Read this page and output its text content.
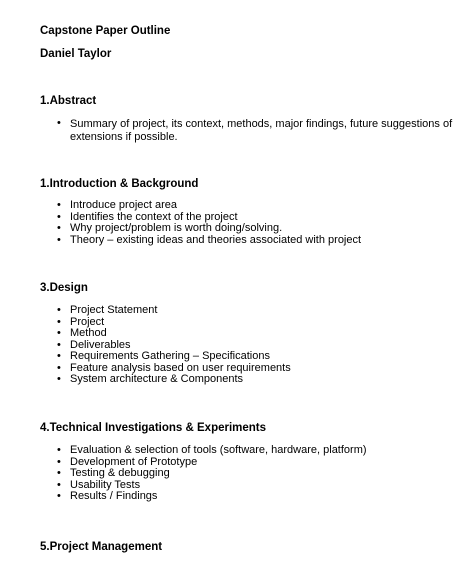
Capstone Paper Outline
Daniel Taylor
1.Abstract
• Summary of project, its context, methods, major findings, future suggestions of extensions if possible.
1.Introduction & Background
• Introduce project area
• Identifies the context of the project
• Why project/problem is worth doing/solving.
• Theory – existing ideas and theories associated with project
3.Design
• Project Statement
• Project
• Method
• Deliverables
• Requirements Gathering – Specifications
• Feature analysis based on user requirements
• System architecture & Components
4.Technical Investigations & Experiments
• Evaluation & selection of tools (software, hardware, platform)
• Development of Prototype
• Testing & debugging
• Usability Tests
• Results / Findings
5.Project Management
